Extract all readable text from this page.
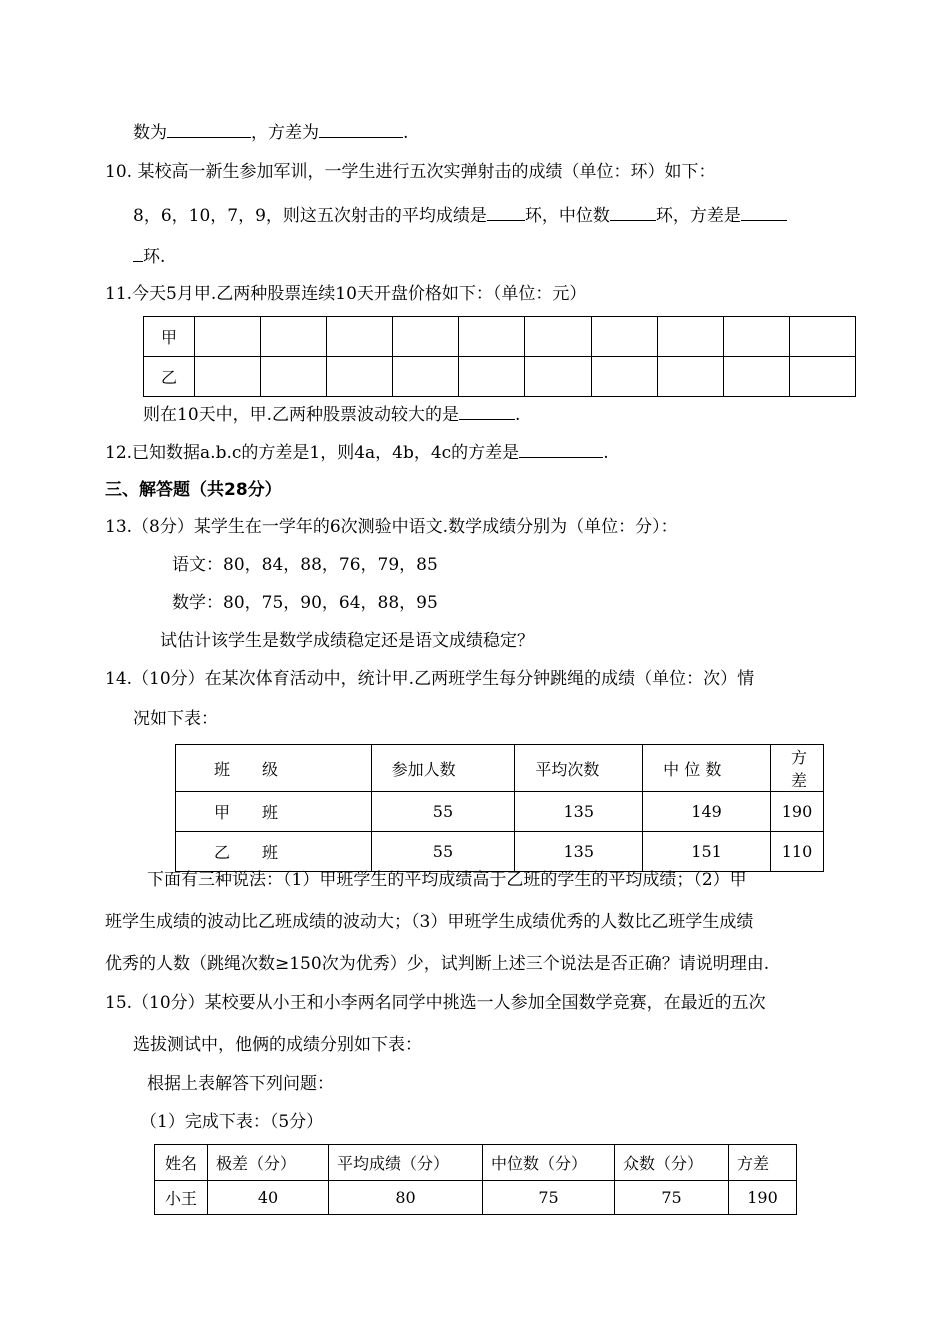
数为	，方差为	.
10. 某校高一新生参加军训，一学生进行五次实弹射击的成绩（单位：环）如下：
8，6，10，7，9，则这五次射击的平均成绩是 环，中位数	环，方差是
环.
11.今天5月甲.乙两种股票连续10天开盘价格如下：（单位：元）
甲										
乙										
则在10天中，甲.乙两种股票波动较大的是	.
12.已知数据a.b.c的方差是1，则4a，4b，4c的方差是	.
三、解答题（共28分）
13.（8分）某学生在一学年的6次测验中语文.数学成绩分别为（单位：分）：
语文：80，84，88，76，79，85
数学：80，75，90，64，88，95
试估计该学生是数学成绩稳定还是语文成绩稳定？
14.（10分）在某次体育活动中，统计甲.乙两班学生每分钟跳绳的成绩（单位：次）情
况如下表：
班　　级	参加人数	平均次数	中 位 数	方　差
甲　　班	55	135	149	190
乙　　班	55	135	151	110
下面有三种说法：（1）甲班学生的平均成绩高于乙班的学生的平均成绩；（2）甲
班学生成绩的波动比乙班成绩的波动大；（3）甲班学生成绩优秀的人数比乙班学生成绩
优秀的人数（跳绳次数≥150次为优秀）少，试判断上述三个说法是否正确？请说明理由.
15.（10分）某校要从小王和小李两名同学中挑选一人参加全国数学竞赛，在最近的五次
选拔测试中，他俩的成绩分别如下表：
根据上表解答下列问题：
（1）完成下表：（5分）
姓名	极差（分）	平均成绩（分）	中位数（分）	众数（分）	方差
小王	40	80	75	75	190
